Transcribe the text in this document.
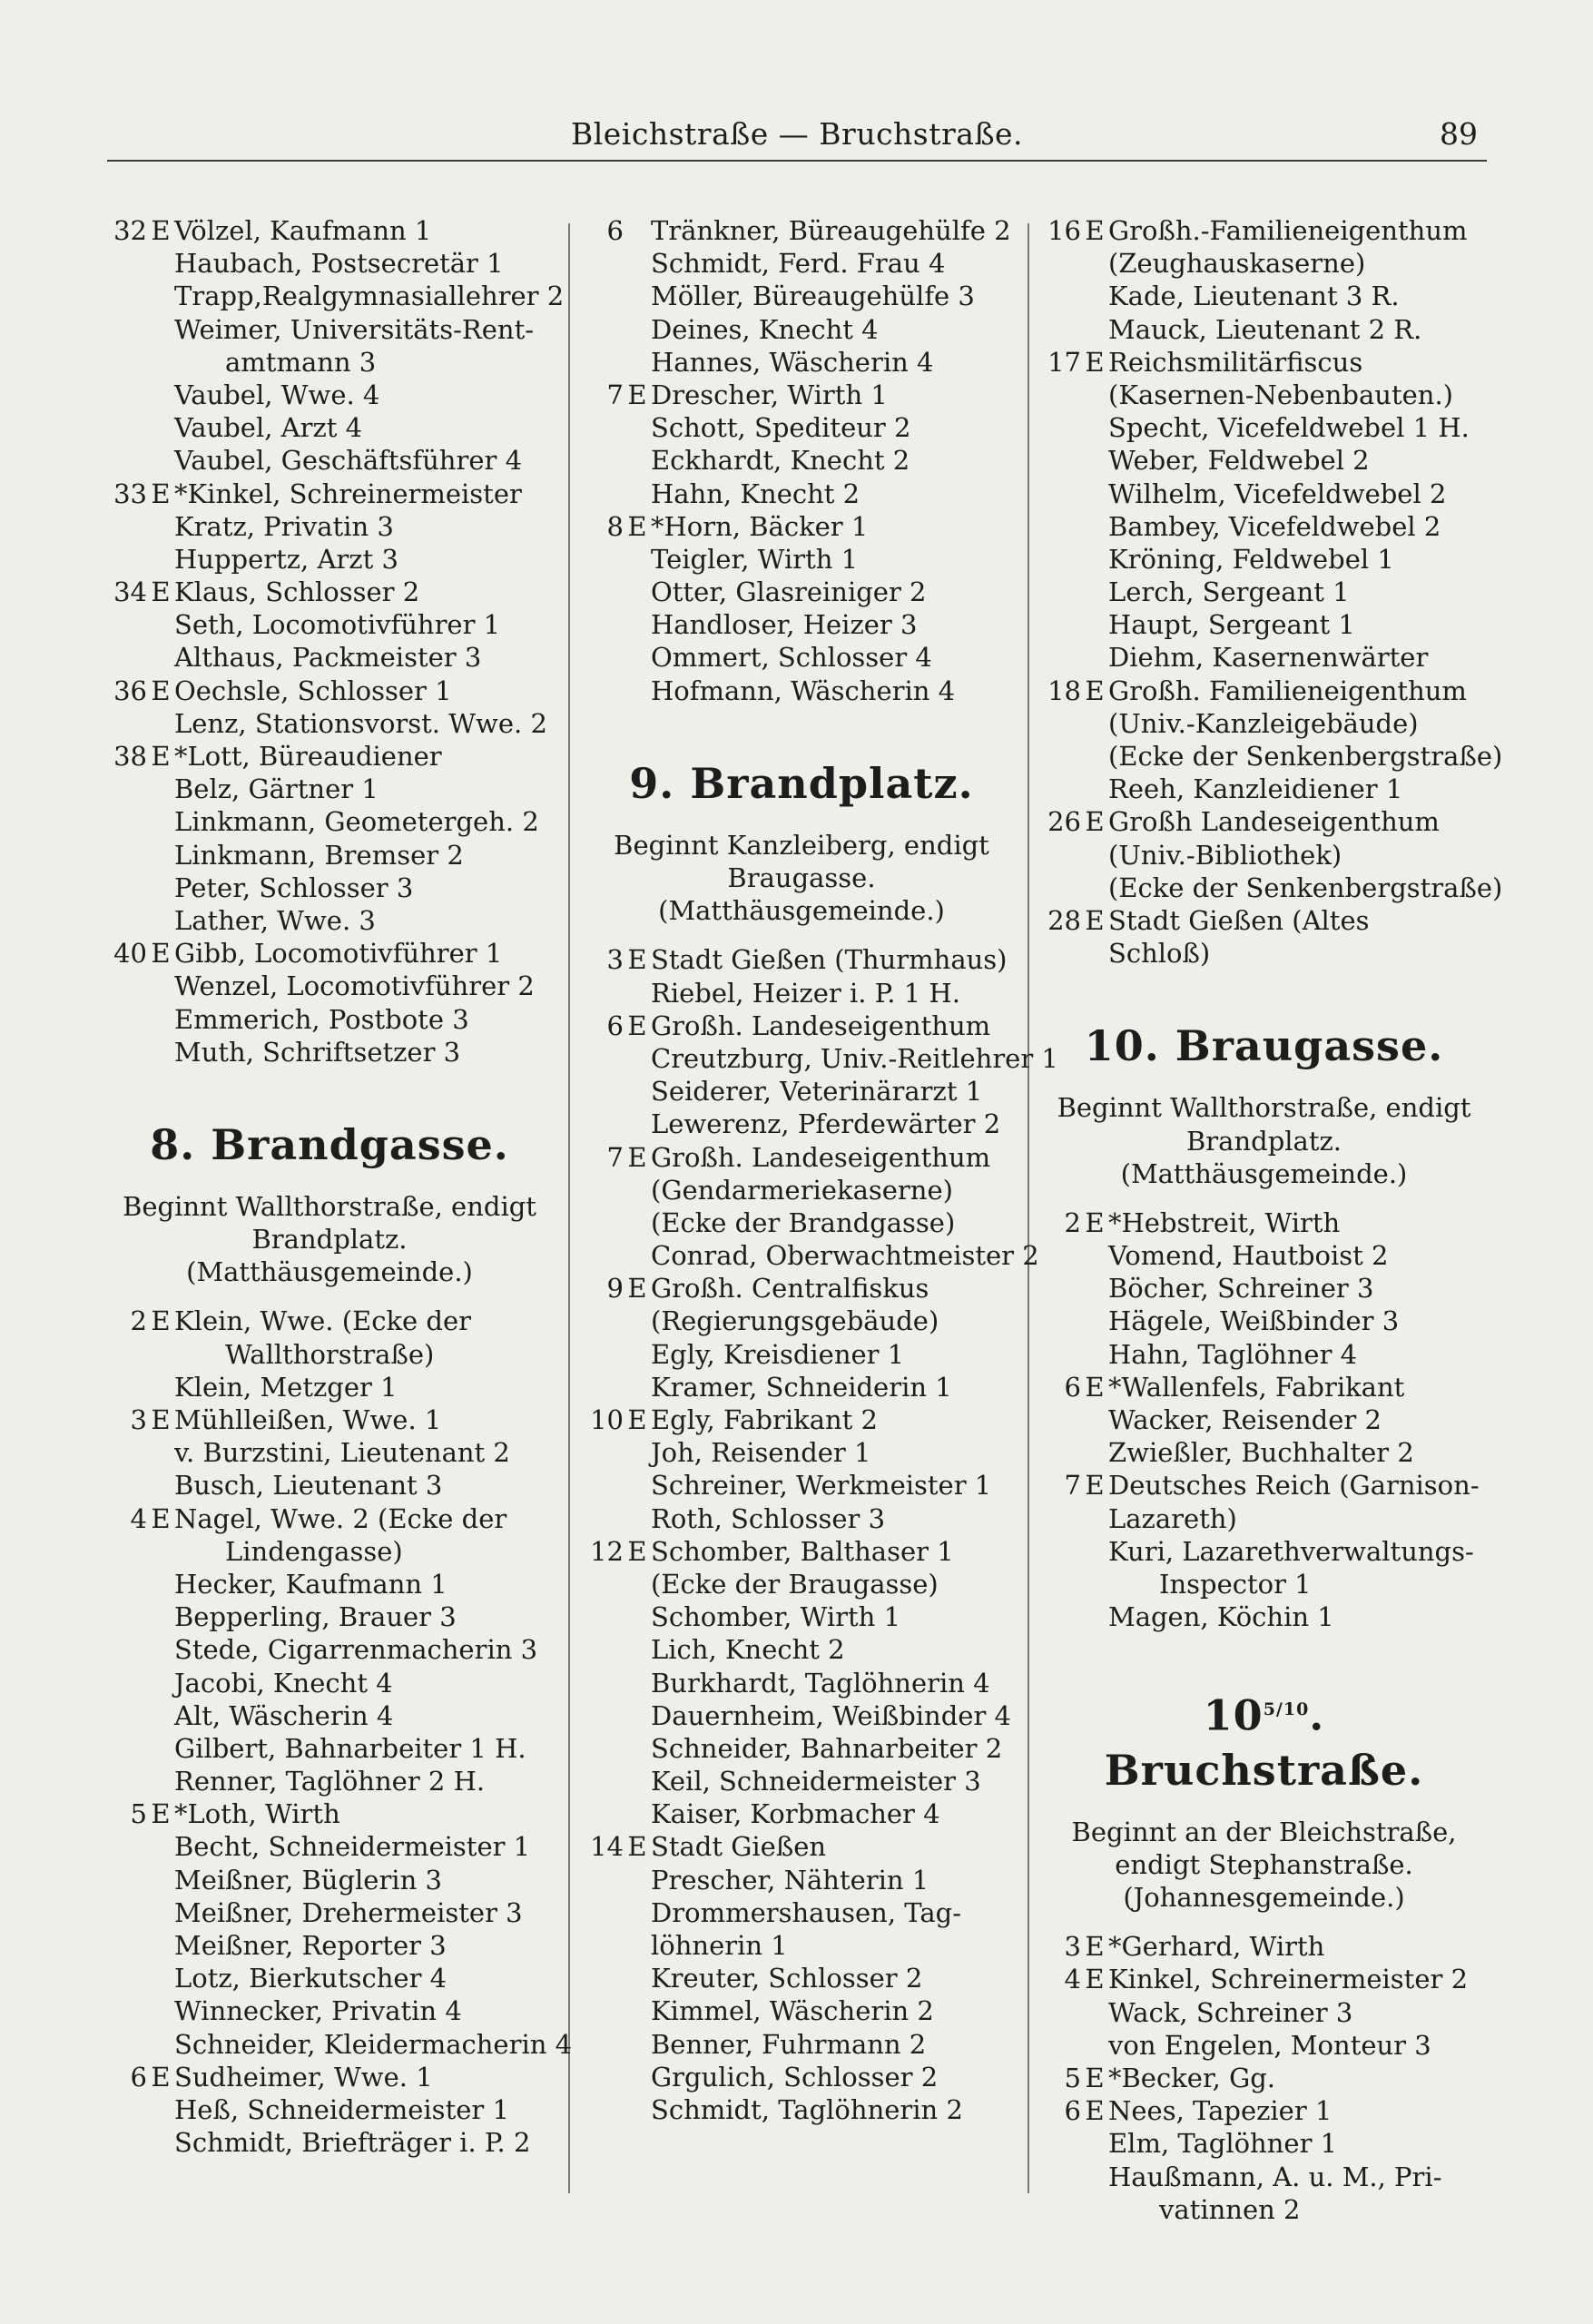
Bleichstraße — Bruchstraße.	89
32 E Völzel, Kaufmann 1
Haubach, Postsecretär 1
Trapp,Realgymnasiallehrer 2
Weimer, Universitäts-Rent-
amtmann 3
Vaubel, Wwe. 4
Vaubel, Arzt 4
Vaubel, Geschäftsführer 4
33 E *Kinkel, Schreinermeister
Kratz, Privatin 3
Huppertz, Arzt 3
34 E Klaus, Schlosser 2
Seth, Locomotivführer 1
Althaus, Packmeister 3
36 E Oechsle, Schlosser 1
Lenz, Stationsvorst. Wwe. 2
38 E *Lott, Büreaudiener
Belz, Gärtner 1
Linkmann, Geometergeh. 2
Linkmann, Bremser 2
Peter, Schlosser 3
Lather, Wwe. 3
40 E Gibb, Locomotivführer 1
Wenzel, Locomotivführer 2
Emmerich, Postbote 3
Muth, Schriftsetzer 3
8. Brandgasse.
Beginnt Wallthorstraße, endigt
Brandplatz.
(Matthäusgemeinde.)
2 E Klein, Wwe. (Ecke der
Wallthorstraße)
Klein, Metzger 1
3 E Mühlleißen, Wwe. 1
v. Burzstini, Lieutenant 2
Busch, Lieutenant 3
4 E Nagel, Wwe. 2 (Ecke der
Lindengasse)
Hecker, Kaufmann 1
Bepperling, Brauer 3
Stede, Cigarrenmacherin 3
Jacobi, Knecht 4
Alt, Wäscherin 4
Gilbert, Bahnarbeiter 1 H.
Renner, Taglöhner 2 H.
5 E *Loth, Wirth
Becht, Schneidermeister 1
Meißner, Büglerin 3
Meißner, Drehermeister 3
Meißner, Reporter 3
Lotz, Bierkutscher 4
Winnecker, Privatin 4
Schneider, Kleidermacherin 4
6 E Sudheimer, Wwe. 1
Heß, Schneidermeister 1
Schmidt, Briefträger i. P. 2
6 Tränkner, Büreaugehülfe 2
Schmidt, Ferd. Frau 4
Möller, Büreaugehülfe 3
Deines, Knecht 4
Hannes, Wäscherin 4
7 E Drescher, Wirth 1
Schott, Spediteur 2
Eckhardt, Knecht 2
Hahn, Knecht 2
8 E *Horn, Bäcker 1
Teigler, Wirth 1
Otter, Glasreiniger 2
Handloser, Heizer 3
Ommert, Schlosser 4
Hofmann, Wäscherin 4
9. Brandplatz.
Beginnt Kanzleiberg, endigt
Braugasse.
(Matthäusgemeinde.)
3 E Stadt Gießen (Thurmhaus)
Riebel, Heizer i. P. 1 H.
6 E Großh. Landeseigenthum
Creutzburg, Univ.-Reitlehrer 1
Seiderer, Veterinärarzt 1
Lewerenz, Pferdewärter 2
7 E Großh. Landeseigenthum
(Gendarmeriekaserne)
(Ecke der Brandgasse)
Conrad, Oberwachtmeister 2
9 E Großh. Centralfiskus
(Regierungsgebäude)
Egly, Kreisdiener 1
Kramer, Schneiderin 1
10 E Egly, Fabrikant 2
Joh, Reisender 1
Schreiner, Werkmeister 1
Roth, Schlosser 3
12 E Schomber, Balthaser 1
(Ecke der Braugasse)
Schomber, Wirth 1
Lich, Knecht 2
Burkhardt, Taglöhnerin 4
Dauernheim, Weißbinder 4
Schneider, Bahnarbeiter 2
Keil, Schneidermeister 3
Kaiser, Korbmacher 4
14 E Stadt Gießen
Prescher, Nähterin 1
Drommershausen, Tag-
löhnerin 1
Kreuter, Schlosser 2
Kimmel, Wäscherin 2
Benner, Fuhrmann 2
Grgulich, Schlosser 2
Schmidt, Taglöhnerin 2
16 E Großh.-Familieneigenthum
(Zeughauskaserne)
Kade, Lieutenant 3 R.
Mauck, Lieutenant 2 R.
17 E Reichsmilitärfiscus
(Kasernen-Nebenbauten.)
Specht, Vicefeldwebel 1 H.
Weber, Feldwebel 2
Wilhelm, Vicefeldwebel 2
Bambey, Vicefeldwebel 2
Kröning, Feldwebel 1
Lerch, Sergeant 1
Haupt, Sergeant 1
Diehm, Kasernenwärter
18 E Großh. Familieneigenthum
(Univ.-Kanzleigebäude)
(Ecke der Senkenbergstraße)
Reeh, Kanzleidiener 1
26 E Großh Landeseigenthum
(Univ.-Bibliothek)
(Ecke der Senkenbergstraße)
28 E Stadt Gießen (Altes
Schloß)
10. Braugasse.
Beginnt Wallthorstraße, endigt
Brandplatz.
(Matthäusgemeinde.)
2 E *Hebstreit, Wirth
Vomend, Hautboist 2
Böcher, Schreiner 3
Hägele, Weißbinder 3
Hahn, Taglöhner 4
6 E *Wallenfels, Fabrikant
Wacker, Reisender 2
Zwießler, Buchhalter 2
7 E Deutsches Reich (Garnison-
Lazareth)
Kuri, Lazarethverwaltungs-
Inspector 1
Magen, Köchin 1
$10^{5/10}$. Bruchstraße.
Beginnt an der Bleichstraße,
endigt Stephanstraße.
(Johannesgemeinde.)
3 E *Gerhard, Wirth
4 E Kinkel, Schreinermeister 2
Wack, Schreiner 3
von Engelen, Monteur 3
5 E *Becker, Gg.
6 E Nees, Tapezier 1
Elm, Taglöhner 1
Haußmann, A. u. M., Pri-
vatinnen 2
